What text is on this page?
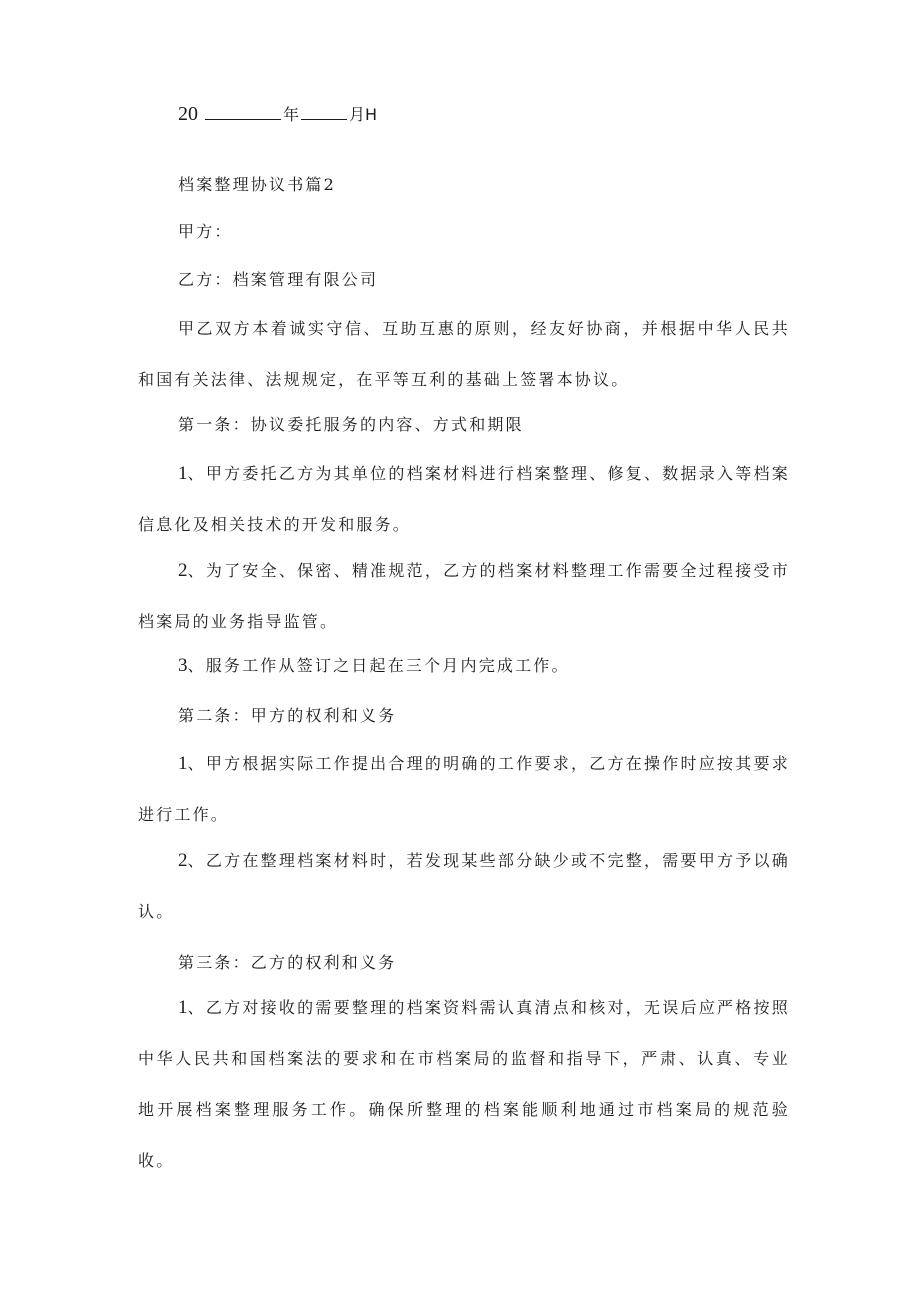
20	年	月H
档案整理协议书篇2
甲方：
乙方：档案管理有限公司

甲乙双方本着诚实守信、互助互惠的原则，经友好协商，并根据中华人民共和国有关法律、法规规定，在平等互利的基础上签署本协议。

第一条：协议委托服务的内容、方式和期限

1、甲方委托乙方为其单位的档案材料进行档案整理、修复、数据录入等档案信息化及相关技术的开发和服务。

2、为了安全、保密、精准规范，乙方的档案材料整理工作需要全过程接受市档案局的业务指导监管。

3、服务工作从签订之日起在三个月内完成工作。

第二条：甲方的权利和义务

1、甲方根据实际工作提出合理的明确的工作要求，乙方在操作时应按其要求进行工作。

2、乙方在整理档案材料时，若发现某些部分缺少或不完整，需要甲方予以确认。

第三条：乙方的权利和义务

1、乙方对接收的需要整理的档案资料需认真清点和核对，无误后应严格按照中华人民共和国档案法的要求和在市档案局的监督和指导下，严肃、认真、专业地开展档案整理服务工作。确保所整理的档案能顺利地通过市档案局的规范验收。
